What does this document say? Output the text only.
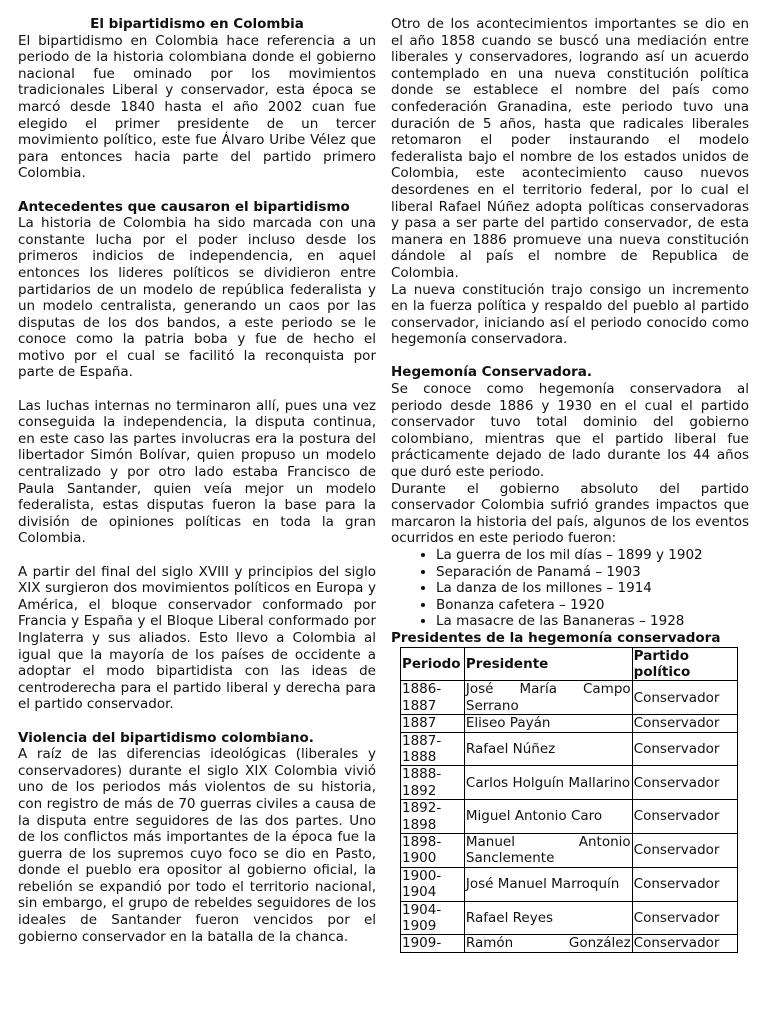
El bipartidismo en Colombia

El bipartidismo en Colombia hace referencia a un periodo de la historia colombiana donde el gobierno nacional fue ominado por los movimientos tradicionales Liberal y conservador, esta época se marcó desde 1840 hasta el año 2002 cuan fue elegido el primer presidente de un tercer movimiento político, este fue Álvaro Uribe Vélez que para entonces hacia parte del partido primero Colombia.

Antecedentes que causaron el bipartidismo

La historia de Colombia ha sido marcada con una constante lucha por el poder incluso desde los primeros indicios de independencia, en aquel entonces los lideres políticos se dividieron entre partidarios de un modelo de república federalista y un modelo centralista, generando un caos por las disputas de los dos bandos, a este periodo se le conoce como la patria boba y fue de hecho el motivo por el cual se facilitó la reconquista por parte de España.

Las luchas internas no terminaron allí, pues una vez conseguida la independencia, la disputa continua, en este caso las partes involucras era la postura del libertador Simón Bolívar, quien propuso un modelo centralizado y por otro lado estaba Francisco de Paula Santander, quien veía mejor un modelo federalista, estas disputas fueron la base para la división de opiniones políticas en toda la gran Colombia.

A partir del final del siglo XVIII y principios del siglo XIX surgieron dos movimientos políticos en Europa y América, el bloque conservador conformado por Francia y España y el Bloque Liberal conformado por Inglaterra y sus aliados. Esto llevo a Colombia al igual que la mayoría de los países de occidente a adoptar el modo bipartidista con las ideas de centroderecha para el partido liberal y derecha para el partido conservador.

Violencia del bipartidismo colombiano.

A raíz de las diferencias ideológicas (liberales y conservadores) durante el siglo XIX Colombia vivió uno de los periodos más violentos de su historia, con registro de más de 70 guerras civiles a causa de la disputa entre seguidores de las dos partes. Uno de los conflictos más importantes de la época fue la guerra de los supremos cuyo foco se dio en Pasto, donde el pueblo era opositor al gobierno oficial, la rebelión se expandió por todo el territorio nacional, sin embargo, el grupo de rebeldes seguidores de los ideales de Santander fueron vencidos por el gobierno conservador en la batalla de la chanca.

Otro de los acontecimientos importantes se dio en el año 1858 cuando se buscó una mediación entre liberales y conservadores, logrando así un acuerdo contemplado en una nueva constitución política donde se establece el nombre del país como confederación Granadina, este periodo tuvo una duración de 5 años, hasta que radicales liberales retomaron el poder instaurando el modelo federalista bajo el nombre de los estados unidos de Colombia, este acontecimiento causo nuevos desordenes en el territorio federal, por lo cual el liberal Rafael Núñez adopta políticas conservadoras y pasa a ser parte del partido conservador, de esta manera en 1886 promueve una nueva constitución dándole al país el nombre de Republica de Colombia.

La nueva constitución trajo consigo un incremento en la fuerza política y respaldo del pueblo al partido conservador, iniciando así el periodo conocido como hegemonía conservadora.

Hegemonía Conservadora.

Se conoce como hegemonía conservadora al periodo desde 1886 y 1930 en el cual el partido conservador tuvo total dominio del gobierno colombiano, mientras que el partido liberal fue prácticamente dejado de lado durante los 44 años que duró este periodo.

Durante el gobierno absoluto del partido conservador Colombia sufrió grandes impactos que marcaron la historia del país, algunos de los eventos ocurridos en este periodo fueron:

• La guerra de los mil días – 1899 y 1902
• Separación de Panamá – 1903
• La danza de los millones – 1914
• Bonanza cafetera – 1920
• La masacre de las Bananeras – 1928
Presidentes de la hegemonía conservadora
Periodo	Presidente	Partido político
1886-1887	José María Campo Serrano	Conservador
1887	Eliseo Payán	Conservador
1887-1888	Rafael Núñez	Conservador
1888-1892	Carlos Holguín Mallarino	Conservador
1892-1898	Miguel Antonio Caro	Conservador
1898-1900	Manuel Antonio Sanclemente	Conservador
1900-1904	José Manuel Marroquín	Conservador
1904-1909	Rafael Reyes	Conservador
1909-	Ramón González	Conservador
